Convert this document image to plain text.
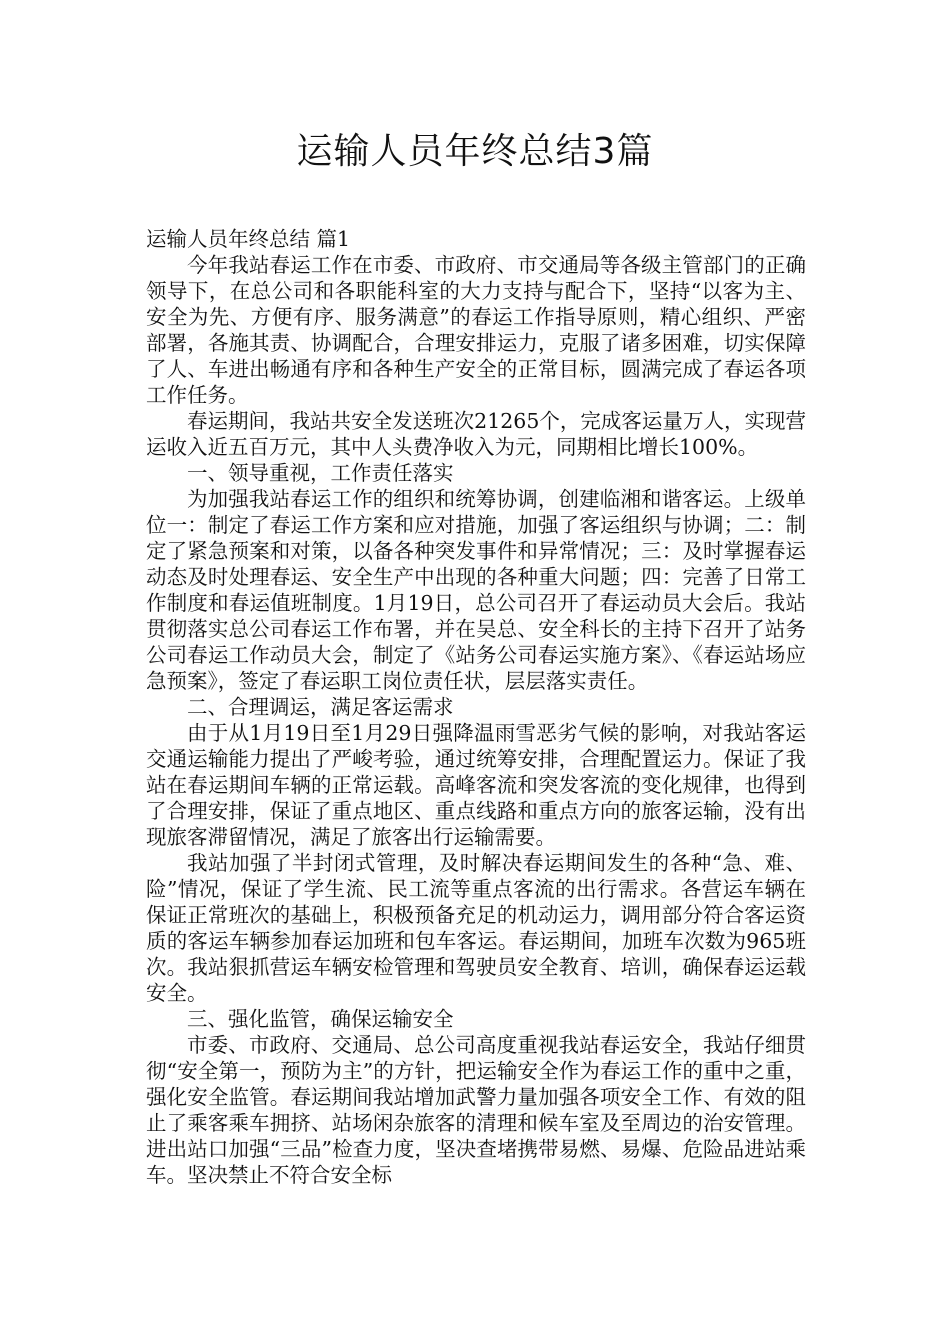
运输人员年终总结3篇

运输人员年终总结 篇1

今年我站春运工作在市委、市政府、市交通局等各级主管部门的正确领导下，在总公司和各职能科室的大力支持与配合下，坚持“以客为主、安全为先、方便有序、服务满意”的春运工作指导原则，精心组织、严密部署，各施其责、协调配合，合理安排运力，克服了诸多困难，切实保障了人、车进出畅通有序和各种生产安全的正常目标，圆满完成了春运各项工作任务。

春运期间，我站共安全发送班次21265个，完成客运量万人，实现营运收入近五百万元，其中人头费净收入为元，同期相比增长100%。

一、领导重视，工作责任落实

为加强我站春运工作的组织和统筹协调，创建临湘和谐客运。上级单位一：制定了春运工作方案和应对措施，加强了客运组织与协调；二：制定了紧急预案和对策，以备各种突发事件和异常情况；三：及时掌握春运动态及时处理春运、安全生产中出现的各种重大问题；四：完善了日常工作制度和春运值班制度。1月19日，总公司召开了春运动员大会后。我站贯彻落实总公司春运工作布署，并在吴总、安全科长的主持下召开了站务公司春运工作动员大会，制定了《站务公司春运实施方案》、《春运站场应急预案》，签定了春运职工岗位责任状，层层落实责任。

二、合理调运，满足客运需求

由于从1月19日至1月29日强降温雨雪恶劣气候的影响，对我站客运交通运输能力提出了严峻考验，通过统筹安排，合理配置运力。保证了我站在春运期间车辆的正常运载。高峰客流和突发客流的变化规律，也得到了合理安排，保证了重点地区、重点线路和重点方向的旅客运输，没有出现旅客滞留情况，满足了旅客出行运输需要。

我站加强了半封闭式管理，及时解决春运期间发生的各种“急、难、险”情况，保证了学生流、民工流等重点客流的出行需求。各营运车辆在保证正常班次的基础上，积极预备充足的机动运力，调用部分符合客运资质的客运车辆参加春运加班和包车客运。春运期间，加班车次数为965班次。我站狠抓营运车辆安检管理和驾驶员安全教育、培训，确保春运运载安全。

三、强化监管，确保运输安全

市委、市政府、交通局、总公司高度重视我站春运安全，我站仔细贯彻“安全第一，预防为主”的方针，把运输安全作为春运工作的重中之重，强化安全监管。春运期间我站增加武警力量加强各项安全工作、有效的阻止了乘客乘车拥挤、站场闲杂旅客的清理和候车室及至周边的治安管理。进出站口加强“三品”检查力度，坚决查堵携带易燃、易爆、危险品进站乘车。坚决禁止不符合安全标
